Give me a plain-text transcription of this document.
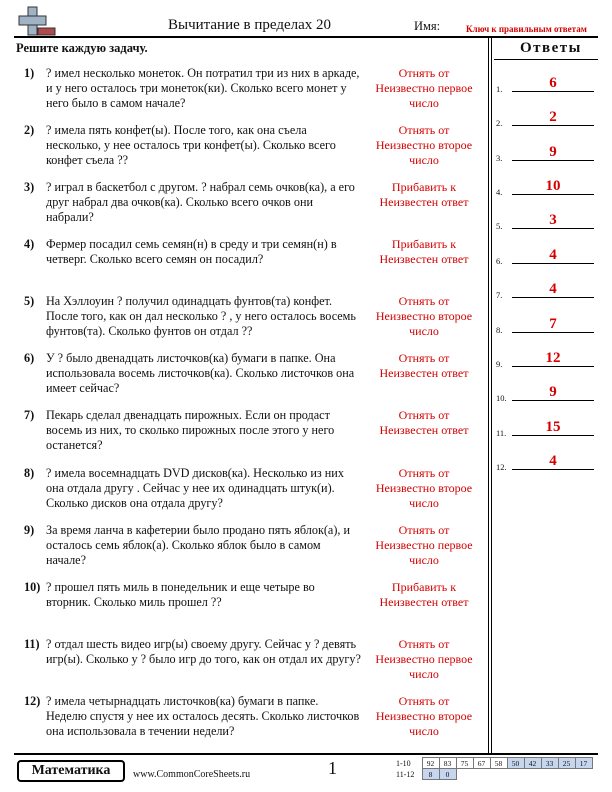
Вычитание в пределах 20	Имя:	Ключ к правильным ответам
Решите каждую задачу.
1) ? имел несколько монеток. Он потратил три из них в аркаде, и у него осталось три монеток(ки). Сколько всего монет у него было в самом начале?
Отнять от Неизвестно первое число
2) ? имела пять конфет(ы). После того, как она съела несколько, у нее осталось три конфет(ы). Сколько всего конфет съела ??
Отнять от Неизвестно второе число
3) ? играл в баскетбол с другом. ? набрал семь очков(ка), а его друг набрал два очков(ка). Сколько всего очков они набрали?
Прибавить к Неизвестен ответ
4) Фермер посадил семь семян(н) в среду и три семян(н) в четверг. Сколько всего семян он посадил?
Прибавить к Неизвестен ответ
5) На Хэллоуин ? получил одинадцать фунтов(та) конфет. После того, как он дал несколько ? , у него осталось восемь фунтов(та). Сколько фунтов он отдал ??
Отнять от Неизвестно второе число
6) У ? было двенадцать листочков(ка) бумаги в папке. Она использовала восемь листочков(ка). Сколько листочков она имеет сейчас?
Отнять от Неизвестен ответ
7) Пекарь сделал двенадцать пирожных. Если он продаст восемь из них, то сколько пирожных после этого у него останется?
Отнять от Неизвестен ответ
8) ? имела восемнадцать DVD дисков(ка). Несколько из них она отдала другу . Сейчас у нее их одинадцать штук(и). Сколько дисков она отдала другу?
Отнять от Неизвестно второе число
9) За время ланча в кафетерии было продано пять яблок(а), и осталось семь яблок(а). Сколько яблок было в самом начале?
Отнять от Неизвестно первое число
10) ? прошел пять миль в понедельник и еще четыре во вторник. Сколько миль прошел ??
Прибавить к Неизвестен ответ
11) ? отдал шесть видео игр(ы) своему другу. Сейчас у ? девять игр(ы). Сколько у ? было игр до того, как он отдал их другу?
Отнять от Неизвестно первое число
12) ? имела четырнадцать листочков(ка) бумаги в папке. Неделю спустя у нее их осталось десять. Сколько листочков она использовала в течении недели?
Отнять от Неизвестно второе число
Ответы
1.	6
2.	2
3.	9
4.	10
5.	3
6.	4
7.	4
8.	7
9.	12
10.	9
11.	15
12.	4
Математика www.CommonCoreSheets.ru	1	1-10	92	83	75	67	58	50	42	33	25	17
11-12	8	0								
